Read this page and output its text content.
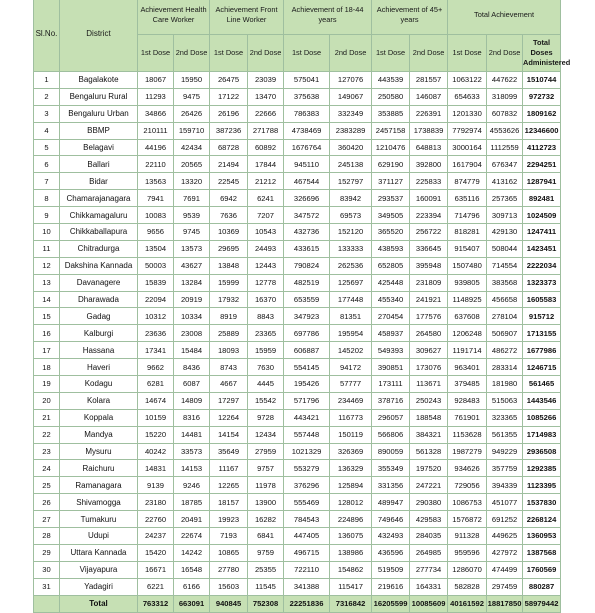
Sl.No.	District	Achievement Health Care Worker		Achievement Front Line Worker		Achievement of 18-44 years		Achievement of 45+ years		Total Achievement		
		1st Dose	2nd Dose	1st Dose	2nd Dose	1st Dose	2nd Dose	1st Dose	2nd Dose	1st Dose	2nd Dose	Total Doses Administered
1	Bagalakote	18067	15950	26475	23039	575041	127076	443539	281557	1063122	447622	1510744
2	Bengaluru Rural	11293	9475	17122	13470	375638	149067	250580	146087	654633	318099	972732
3	Bengaluru Urban	34866	26426	26196	22666	786383	332349	353885	226391	1201330	607832	1809162
4	BBMP	210111	159710	387236	271788	4738469	2383289	2457158	1738839	7792974	4553626	12346600
5	Belagavi	44196	42434	68728	60892	1676764	360420	1210476	648813	3000164	1112559	4112723
6	Ballari	22110	20565	21494	17844	945110	245138	629190	392800	1617904	676347	2294251
7	Bidar	13563	13320	22545	21212	467544	152797	371127	225833	874779	413162	1287941
8	Chamarajanagara	7941	7691	6942	6241	326696	83942	293537	160091	635116	257365	892481
9	Chikkamagaluru	10083	9539	7636	7207	347572	69573	349505	223394	714796	309713	1024509
10	Chikkaballapura	9656	9745	10369	10543	432736	152120	365520	256722	818281	429130	1247411
11	Chitradurga	13504	13573	29695	24493	433615	133333	438593	336645	915407	508044	1423451
12	Dakshina Kannada	50003	43627	13848	12443	790824	262536	652805	395948	1507480	714554	2222034
13	Davanagere	15839	13284	15999	12778	482519	125697	425448	231809	939805	383568	1323373
14	Dharawada	22094	20919	17932	16370	653559	177448	455340	241921	1148925	456658	1605583
15	Gadag	10312	10334	8919	8843	347923	81351	270454	177576	637608	278104	915712
16	Kalburgi	23636	23008	25889	23365	697786	195954	458937	264580	1206248	506907	1713155
17	Hassana	17341	15484	18093	15959	606887	145202	549393	309627	1191714	486272	1677986
18	Haveri	9662	8436	8743	7630	554145	94172	390851	173076	963401	283314	1246715
19	Kodagu	6281	6087	4667	4445	195426	57777	173111	113671	379485	181980	561465
20	Kolara	14674	14809	17297	15542	571796	234469	378716	250243	928483	515063	1443546
21	Koppala	10159	8316	12264	9728	443421	116773	296057	188548	761901	323365	1085266
22	Mandya	15220	14481	14154	12434	557448	150119	566806	384321	1153628	561355	1714983
23	Mysuru	40242	33573	35649	27959	1021329	326369	890059	561328	1987279	949229	2936508
24	Raichuru	14831	14153	11167	9757	553279	136329	355349	197520	934626	357759	1292385
25	Ramanagara	9139	9246	12265	11978	376296	125894	331356	247221	729056	394339	1123395
26	Shivamogga	23180	18785	18157	13900	555469	128012	489947	290380	1086753	451077	1537830
27	Tumakuru	22760	20491	19923	16282	784543	224896	749646	429583	1576872	691252	2268124
28	Udupi	24237	22674	7193	6841	447405	136075	432493	284035	911328	449625	1360953
29	Uttara Kannada	15420	14242	10865	9759	496715	138986	436596	264985	959596	427972	1387568
30	Vijayapura	16671	16548	27780	25355	722110	154862	519509	277734	1286070	474499	1760569
31	Yadagiri	6221	6166	15603	11545	341388	115417	219616	164331	582828	297459	880287
	Total	763312	663091	940845	752308	22251836	7316842	16205599	10085609	40161592	18817850	58979442
